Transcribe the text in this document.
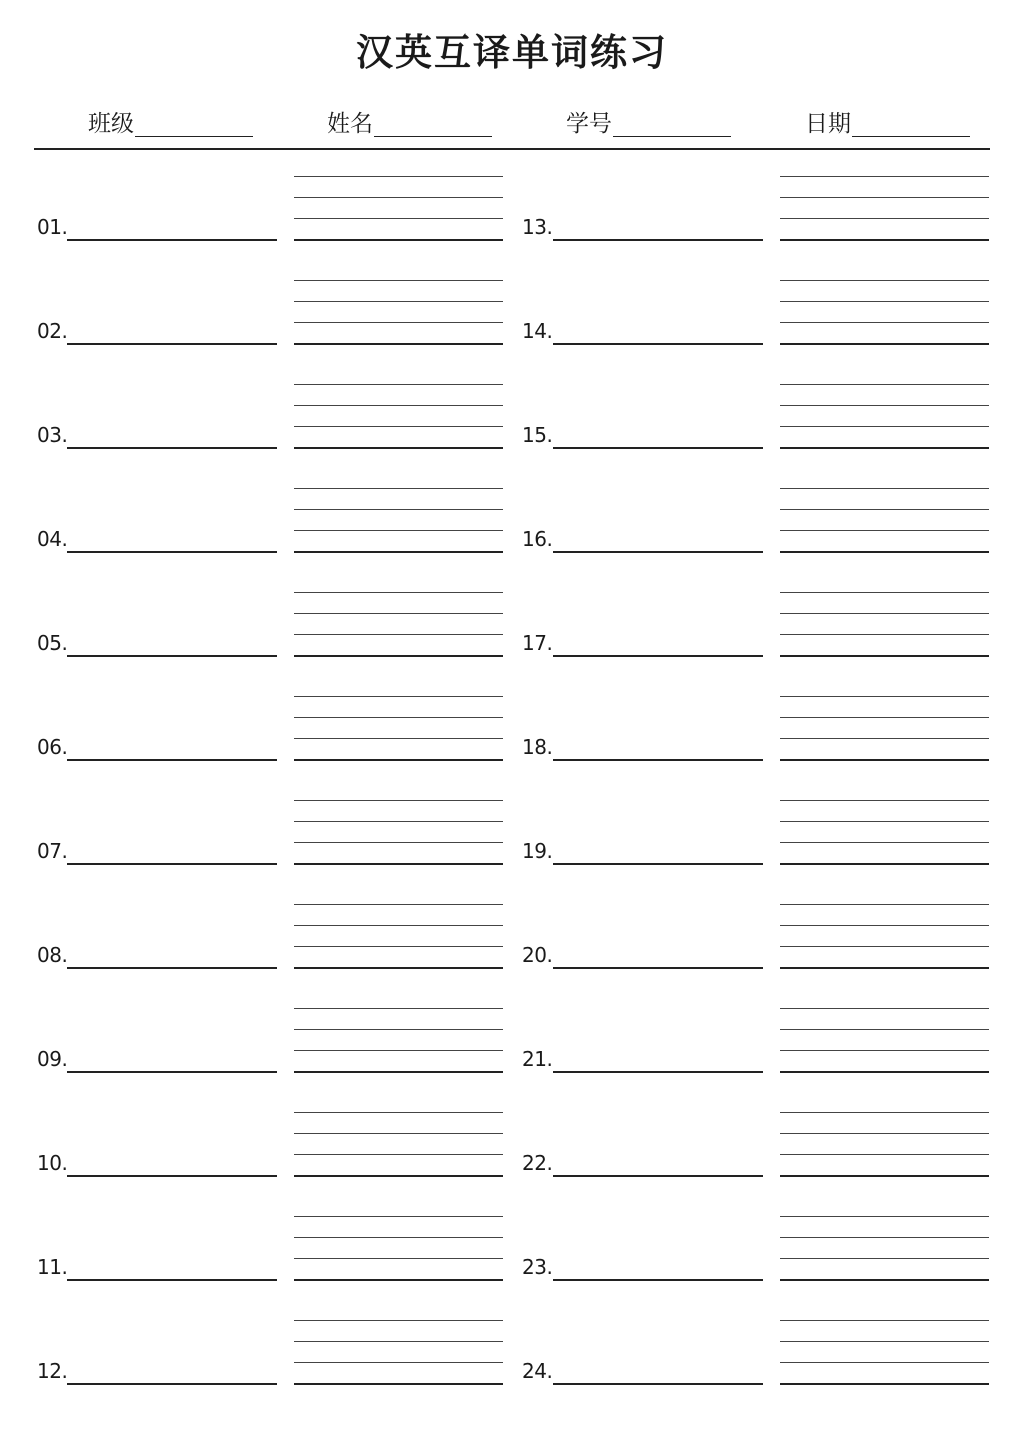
汉英互译单词练习
班级	姓名	学号	日期
01.
02.
03.
04.
05.
06.
07.
08.
09.
10.
11.
12.
13.
14.
15.
16.
17.
18.
19.
20.
21.
22.
23.
24.
